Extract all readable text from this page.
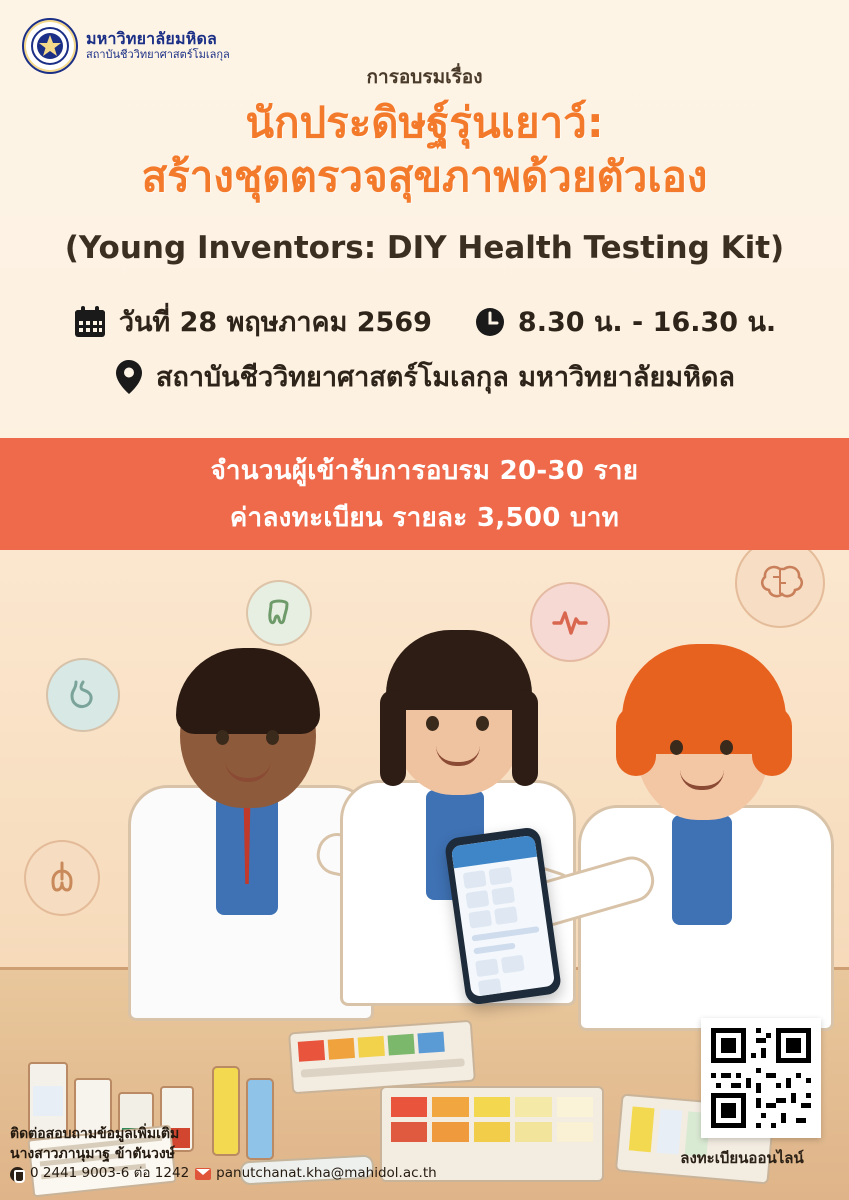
มหาวิทยาลัยมหิดล
สถาบันชีววิทยาศาสตร์โมเลกุล
การอบรมเรื่อง
นักประดิษฐ์รุ่นเยาว์:
สร้างชุดตรวจสุขภาพด้วยตัวเอง
(Young Inventors: DIY Health Testing Kit)
วันที่ 28 พฤษภาคม 2569	8.30 น. - 16.30 น.
สถาบันชีววิทยาศาสตร์โมเลกุล มหาวิทยาลัยมหิดล
จำนวนผู้เข้ารับการอบรม 20-30 ราย
ค่าลงทะเบียน รายละ 3,500 บาท
ลงทะเบียนออนไลน์
ติดต่อสอบถามข้อมูลเพิ่มเติม
นางสาวภานุมาฐ ข้าตันวงษ์
0 2441 9003-6 ต่อ 1242 panutchanat.kha@mahidol.ac.th
